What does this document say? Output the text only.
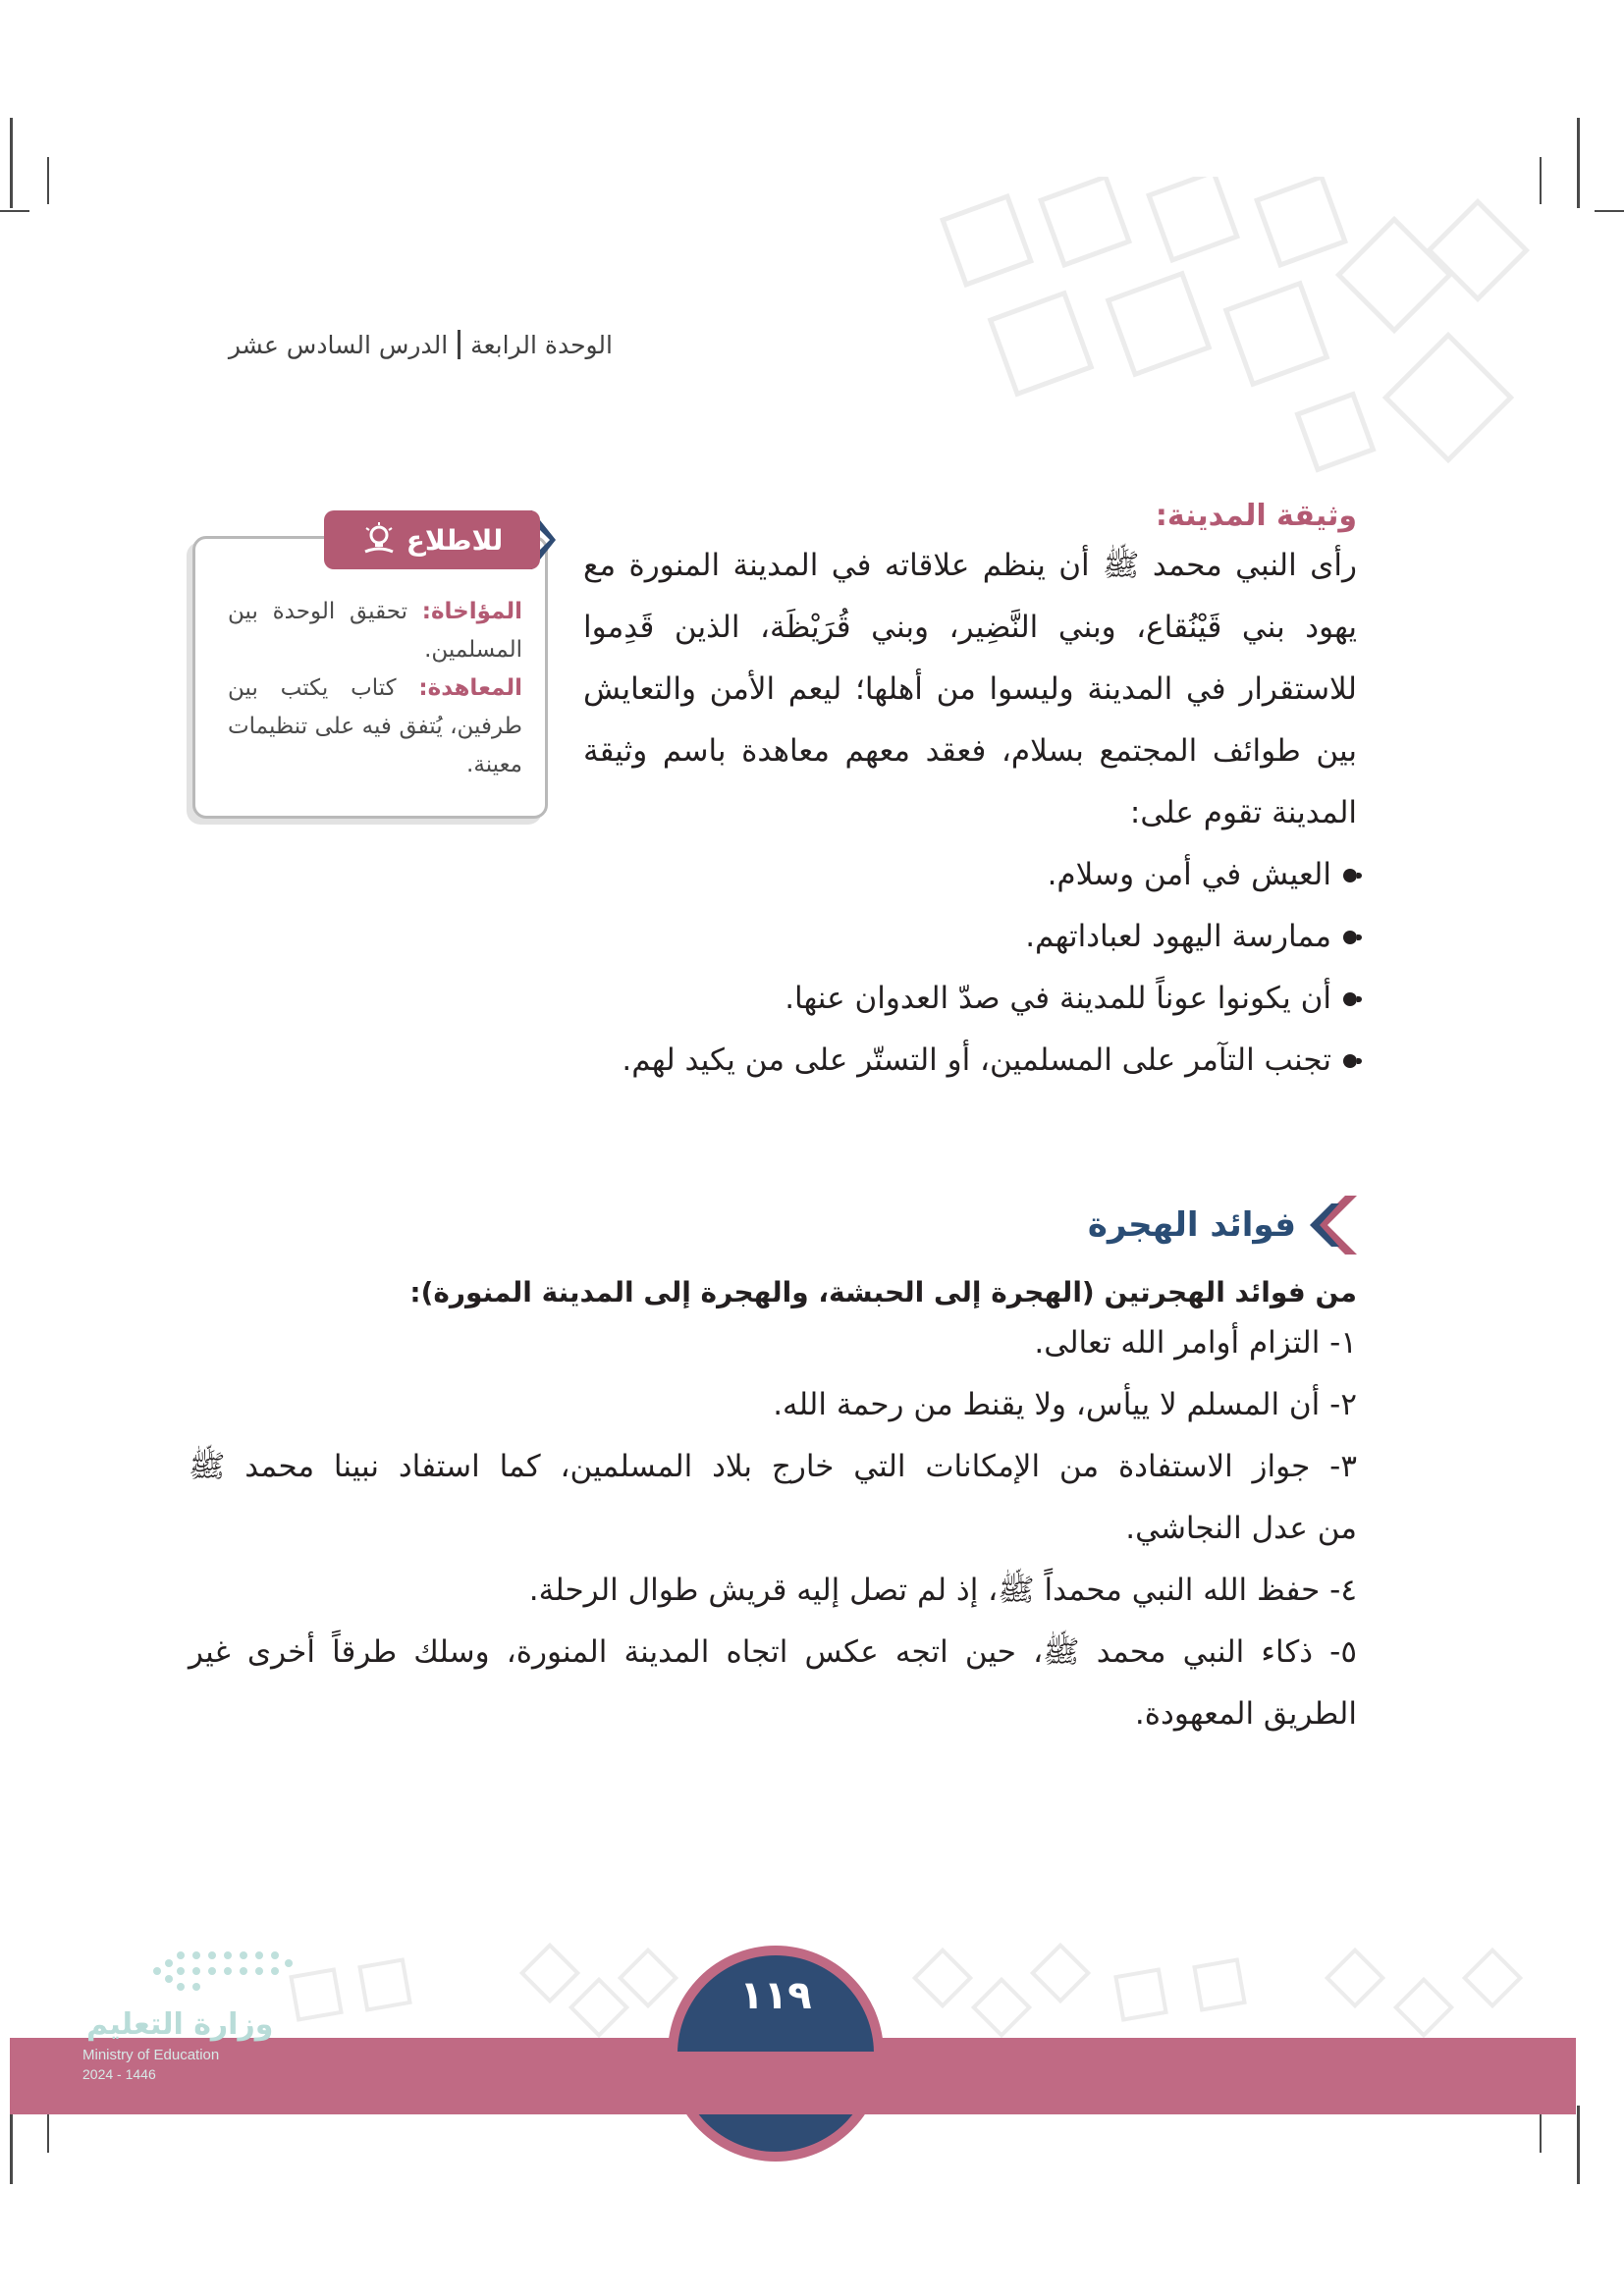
الوحدة الرابعةالدرس السادس عشر
وثيقة المدينة:
رأى النبي محمد ﷺ أن ينظم علاقاته في المدينة المنورة مع يهود بني قَيْنُقاع، وبني النَّضِير، وبني قُرَيْظَة، الذين قَدِموا للاستقرار في المدينة وليسوا من أهلها؛ ليعم الأمن والتعايش بين طوائف المجتمع بسلام، فعقد معهم معاهدة باسم وثيقة المدينة تقوم على:
العيش في أمن وسلام.
ممارسة اليهود لعباداتهم.
أن يكونوا عوناً للمدينة في صدّ العدوان عنها.
تجنب التآمر على المسلمين، أو التستّر على من يكيد لهم.
للاطلاع
المؤاخاة: تحقيق الوحدة بين المسلمين.
المعاهدة: كتاب يكتب بين طرفين، يُتفق فيه على تنظيمات معينة.
فوائد الهجرة
من فوائد الهجرتين (الهجرة إلى الحبشة، والهجرة إلى المدينة المنورة):
١- التزام أوامر الله تعالى.
٢- أن المسلم لا ييأس، ولا يقنط من رحمة الله.
٣- جواز الاستفادة من الإمكانات التي خارج بلاد المسلمين، كما استفاد نبينا محمد ﷺ
من عدل النجاشي.
٤- حفظ الله النبي محمداً ﷺ، إذ لم تصل إليه قريش طوال الرحلة.
٥- ذكاء النبي محمد ﷺ، حين اتجه عكس اتجاه المدينة المنورة، وسلك طرقاً أخرى غير
الطريق المعهودة.
١١٩
وزارة التعليم
Ministry of Education
2024 - 1446
